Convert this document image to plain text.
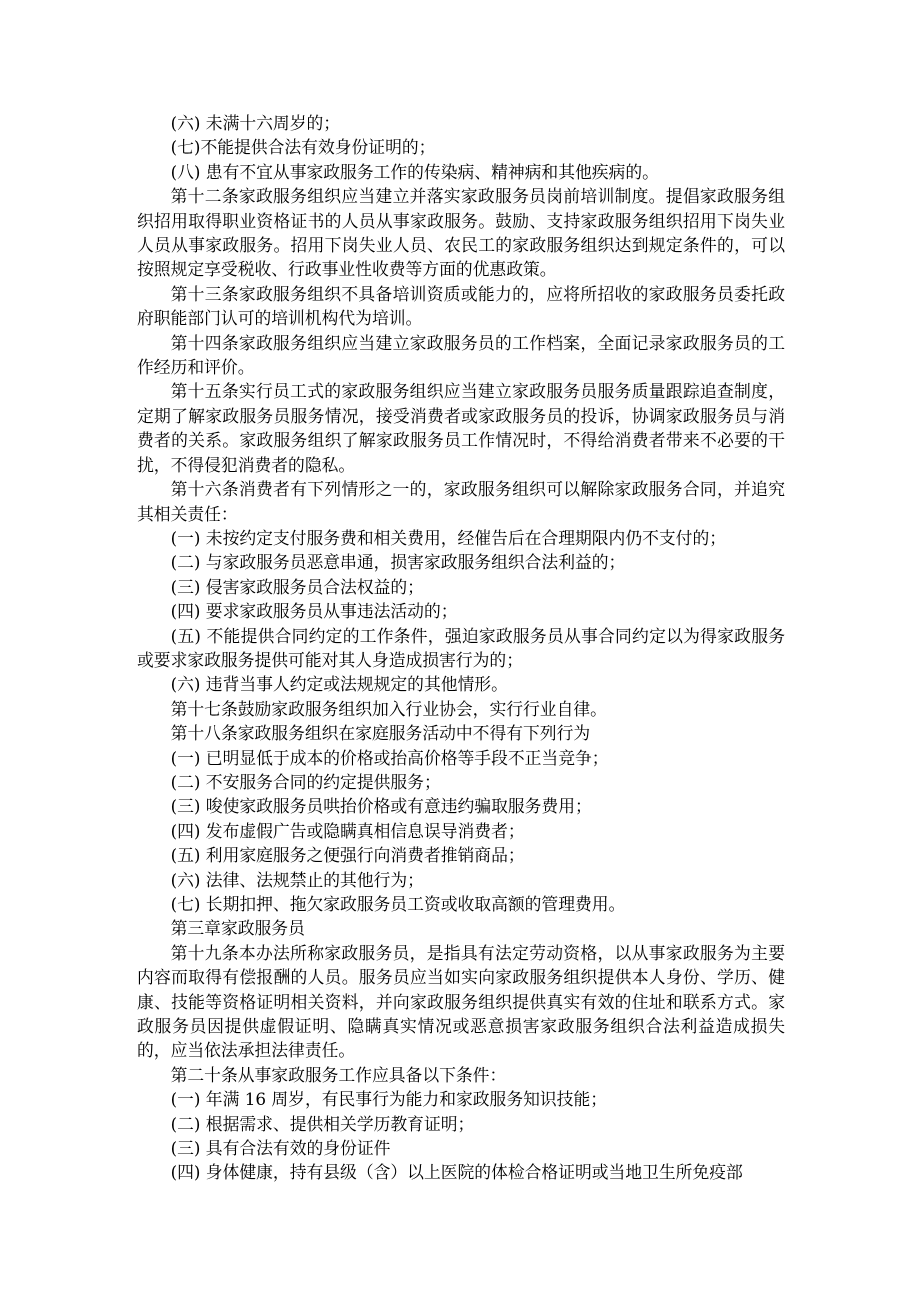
(六) 未满十六周岁的；

(七)不能提供合法有效身份证明的；

(八) 患有不宜从事家政服务工作的传染病、精神病和其他疾病的。

第十二条家政服务组织应当建立并落实家政服务员岗前培训制度。提倡家政服务组织招用取得职业资格证书的人员从事家政服务。鼓励、支持家政服务组织招用下岗失业人员从事家政服务。招用下岗失业人员、农民工的家政服务组织达到规定条件的，可以按照规定享受税收、行政事业性收费等方面的优惠政策。

第十三条家政服务组织不具备培训资质或能力的，应将所招收的家政服务员委托政府职能部门认可的培训机构代为培训。

第十四条家政服务组织应当建立家政服务员的工作档案，全面记录家政服务员的工作经历和评价。

第十五条实行员工式的家政服务组织应当建立家政服务员服务质量跟踪追查制度，定期了解家政服务员服务情况，接受消费者或家政服务员的投诉，协调家政服务员与消费者的关系。家政服务组织了解家政服务员工作情况时，不得给消费者带来不必要的干扰，不得侵犯消费者的隐私。

第十六条消费者有下列情形之一的，家政服务组织可以解除家政服务合同，并追究其相关责任：

(一) 未按约定支付服务费和相关费用，经催告后在合理期限内仍不支付的；

(二) 与家政服务员恶意串通，损害家政服务组织合法利益的；

(三) 侵害家政服务员合法权益的；

(四) 要求家政服务员从事违法活动的；

(五) 不能提供合同约定的工作条件，强迫家政服务员从事合同约定以为得家政服务或要求家政服务提供可能对其人身造成损害行为的；

(六) 违背当事人约定或法规规定的其他情形。

第十七条鼓励家政服务组织加入行业协会，实行行业自律。

第十八条家政服务组织在家庭服务活动中不得有下列行为

(一) 已明显低于成本的价格或抬高价格等手段不正当竞争；

(二) 不安服务合同的约定提供服务；

(三) 唆使家政服务员哄抬价格或有意违约骗取服务费用；

(四) 发布虚假广告或隐瞒真相信息误导消费者；

(五) 利用家庭服务之便强行向消费者推销商品；

(六) 法律、法规禁止的其他行为；

(七) 长期扣押、拖欠家政服务员工资或收取高额的管理费用。

第三章家政服务员

第十九条本办法所称家政服务员，是指具有法定劳动资格，以从事家政服务为主要内容而取得有偿报酬的人员。服务员应当如实向家政服务组织提供本人身份、学历、健康、技能等资格证明相关资料，并向家政服务组织提供真实有效的住址和联系方式。家政服务员因提供虚假证明、隐瞒真实情况或恶意损害家政服务组织合法利益造成损失的，应当依法承担法律责任。

第二十条从事家政服务工作应具备以下条件：

(一) 年满 16 周岁，有民事行为能力和家政服务知识技能；

(二) 根据需求、提供相关学历教育证明；

(三) 具有合法有效的身份证件

(四) 身体健康，持有县级（含）以上医院的体检合格证明或当地卫生所免疫部
